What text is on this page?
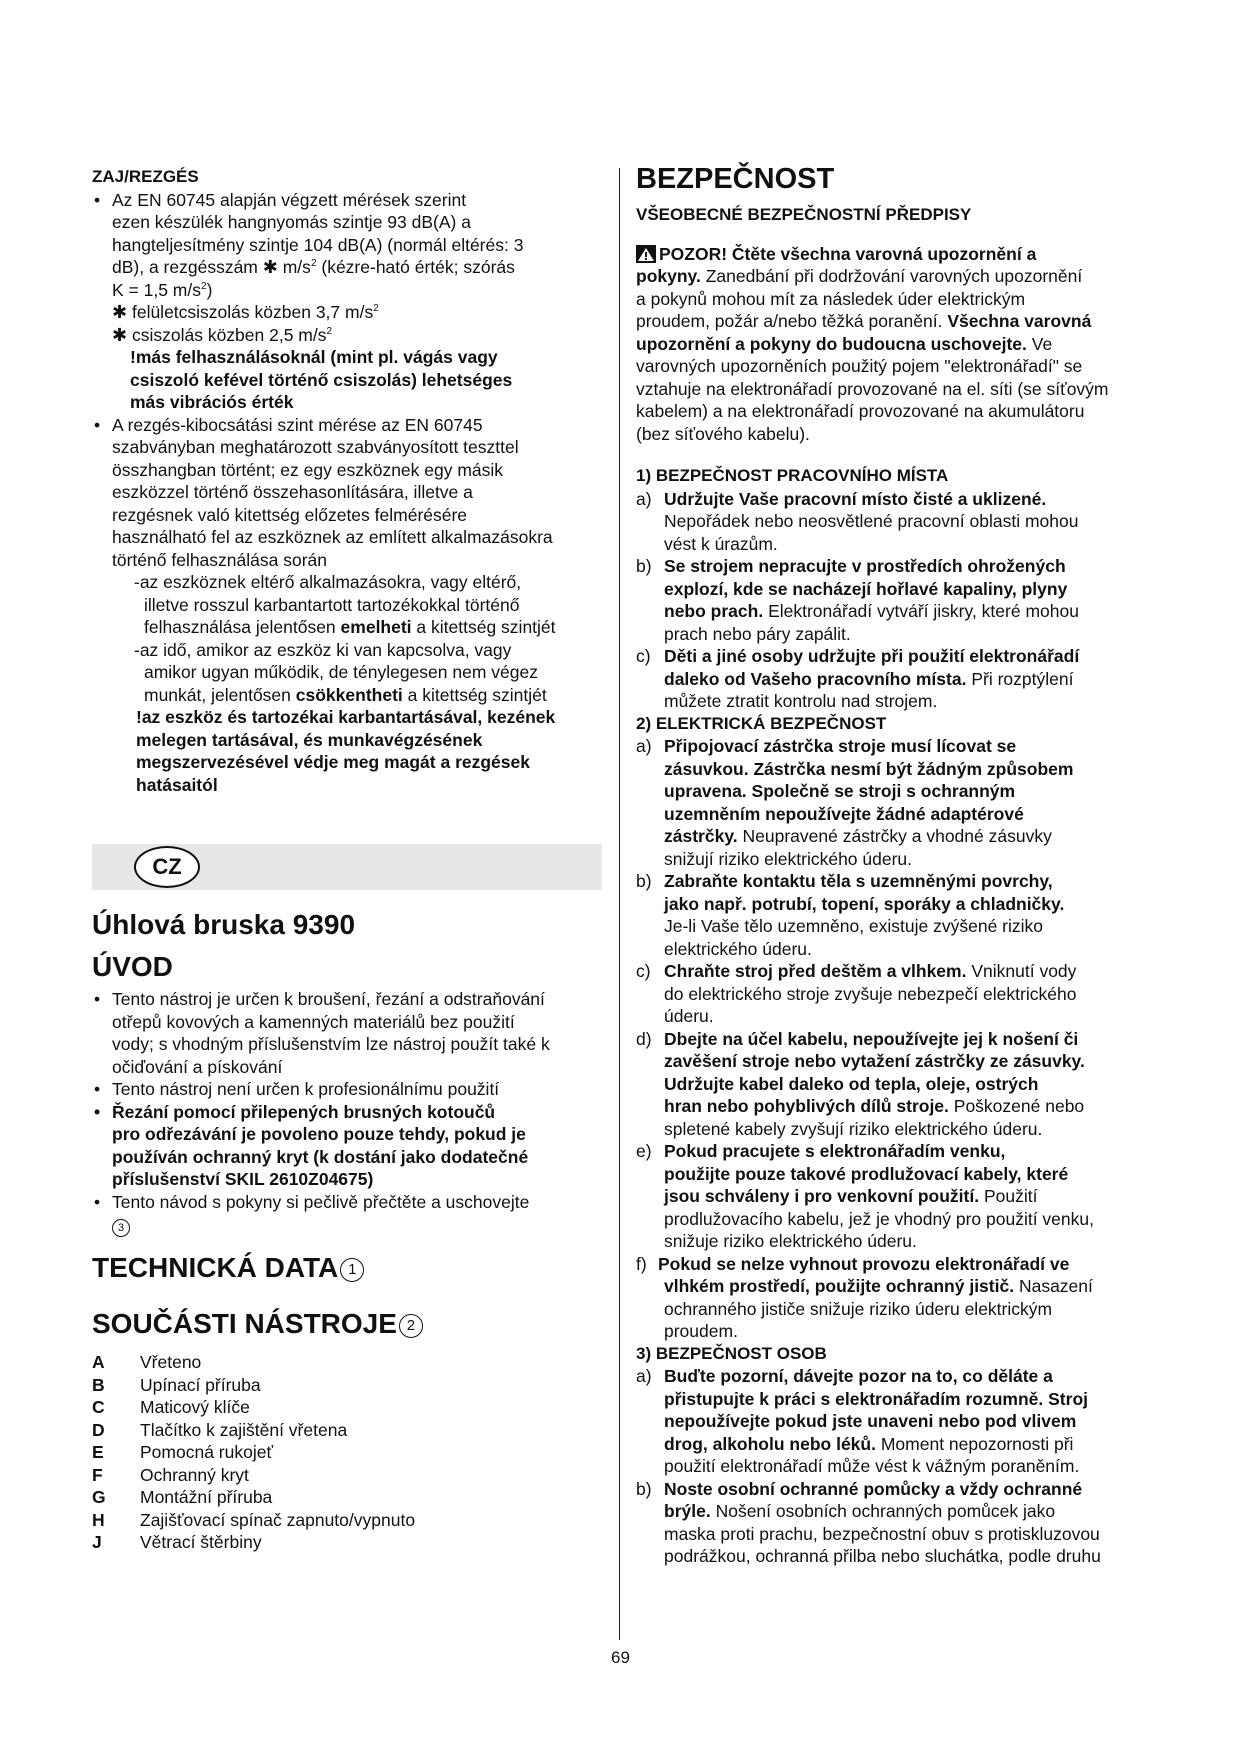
ZAJ/REZGÉS
• Az EN 60745 alapján végzett mérések szerint
ezen készülék hangnyomás szintje 93 dB(A) a
hangteljesítmény szintje 104 dB(A) (normál eltérés: 3
dB), a rezgésszám ✱ $m/s^2$ (kézre-ható érték; szórás
K = 1,5 $m/s^2$)
✱ felületcsiszolás közben 3,7 $m/s^2$
✱ csiszolás közben 2,5 $m/s^2$
!más felhasználásoknál (mint pl. vágás vagy
csiszoló kefével történő csiszolás) lehetséges
más vibrációs érték
• A rezgés-kibocsátási szint mérése az EN 60745
szabványban meghatározott szabványosított teszttel
összhangban történt; ez egy eszköznek egy másik
eszközzel történő összehasonlítására, illetve a
rezgésnek való kitettség előzetes felmérésére
használható fel az eszköznek az említett alkalmazásokra
történő felhasználása során
-az eszköznek eltérő alkalmazásokra, vagy eltérő,
illetve rosszul karbantartott tartozékokkal történő
felhasználása jelentősen emelheti a kitettség szintjét
-az idő, amikor az eszköz ki van kapcsolva, vagy
amikor ugyan működik, de ténylegesen nem végez
munkát, jelentősen csökkentheti a kitettség szintjét
!az eszköz és tartozékai karbantartásával, kezének
melegen tartásával, és munkavégzésének
megszervezésével védje meg magát a rezgések
hatásaitól
CZ
Úhlová bruska 9390
ÚVOD
• Tento nástroj je určen k broušení, řezání a odstraňování
otřepů kovových a kamenných materiálů bez použití
vody; s vhodným příslušenstvím lze nástroj použít také k
očiďování a pískování
• Tento nástroj není určen k profesionálnímu použití
• Řezání pomocí přilepených brusných kotoučů
pro odřezávání je povoleno pouze tehdy, pokud je
používán ochranný kryt (k dostání jako dodatečné
příslušenství SKIL 2610Z04675)
• Tento návod s pokyny si pečlivě přečtěte a uschovejte
3
TECHNICKÁ DATA 1
SOUČÁSTI NÁSTROJE 2
A	Vřeteno
B	Upínací příruba
C	Maticový klíče
D	Tlačítko k zajištění vřetena
E	Pomocná rukojeť
F	Ochranný kryt
G	Montážní příruba
H	Zajišťovací spínač zapnuto/vypnuto
J	Větrací štěrbiny
BEZPEČNOST
VŠEOBECNÉ BEZPEČNOSTNÍ PŘEDPISY
POZOR! Čtěte všechna varovná upozornění a
pokyny. Zanedbání při dodržování varovných upozornění
a pokynů mohou mít za následek úder elektrickým
proudem, požár a/nebo těžká poranění. Všechna varovná
upozornění a pokyny do budoucna uschovejte. Ve
varovných upozorněních použitý pojem "elektronářadí" se
vztahuje na elektronářadí provozované na el. síti (se síťovým
kabelem) a na elektronářadí provozované na akumulátoru
(bez síťového kabelu).
1) BEZPEČNOST PRACOVNÍHO MÍSTA
a) Udržujte Vaše pracovní místo čisté a uklizené.
Nepořádek nebo neosvětlené pracovní oblasti mohou
vést k úrazům.
b) Se strojem nepracujte v prostředích ohrožených
explozí, kde se nacházejí hořlavé kapaliny, plyny
nebo prach. Elektronářadí vytváří jiskry, které mohou
prach nebo páry zapálit.
c) Děti a jiné osoby udržujte při použití elektronářadí
daleko od Vašeho pracovního místa. Při rozptýlení
můžete ztratit kontrolu nad strojem.
2) ELEKTRICKÁ BEZPEČNOST
a) Připojovací zástrčka stroje musí lícovat se
zásuvkou. Zástrčka nesmí být žádným způsobem
upravena. Společně se stroji s ochranným
uzemněním nepoužívejte žádné adaptérové
zástrčky. Neupravené zástrčky a vhodné zásuvky
snižují riziko elektrického úderu.
b) Zabraňte kontaktu těla s uzemněnými povrchy,
jako např. potrubí, topení, sporáky a chladničky.
Je-li Vaše tělo uzemněno, existuje zvýšené riziko
elektrického úderu.
c) Chraňte stroj před deštěm a vlhkem. Vniknutí vody
do elektrického stroje zvyšuje nebezpečí elektrického
úderu.
d) Dbejte na účel kabelu, nepoužívejte jej k nošení či
zavěšení stroje nebo vytažení zástrčky ze zásuvky.
Udržujte kabel daleko od tepla, oleje, ostrých
hran nebo pohyblivých dílů stroje. Poškozené nebo
spletené kabely zvyšují riziko elektrického úderu.
e) Pokud pracujete s elektronářadím venku,
použijte pouze takové prodlužovací kabely, které
jsou schváleny i pro venkovní použití. Použití
prodlužovacího kabelu, jež je vhodný pro použití venku,
snižuje riziko elektrického úderu.
f) Pokud se nelze vyhnout provozu elektronářadí ve
vlhkém prostředí, použijte ochranný jistič. Nasazení
ochranného jističe snižuje riziko úderu elektrickým
proudem.
3) BEZPEČNOST OSOB
a) Buďte pozorní, dávejte pozor na to, co děláte a
přistupujte k práci s elektronářadím rozumně. Stroj
nepoužívejte pokud jste unaveni nebo pod vlivem
drog, alkoholu nebo léků. Moment nepozornosti při
použití elektronářadí může vést k vážným poraněním.
b) Noste osobní ochranné pomůcky a vždy ochranné
brýle. Nošení osobních ochranných pomůcek jako
maska proti prachu, bezpečnostní obuv s protiskluzovou
podrážkou, ochranná přilba nebo sluchátka, podle druhu
69
